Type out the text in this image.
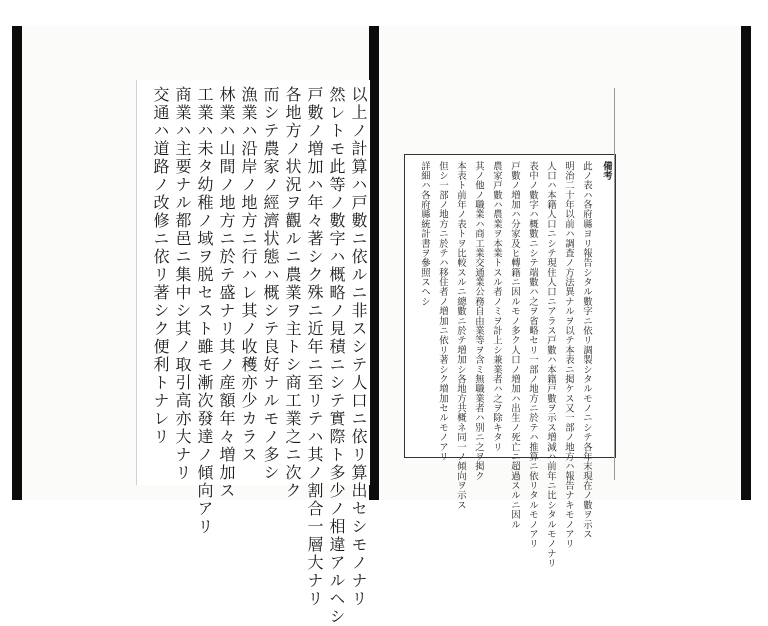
以上ノ計算ハ戸數ニ依ルニ非スシテ人口ニ依リ算出セシモノナリ
然レトモ此等ノ數字ハ概略ノ見積ニシテ實際ト多少ノ相違アルヘシ
戸數ノ増加ハ年々著シク殊ニ近年ニ至リテハ其ノ割合一層大ナリ
各地方ノ状況ヲ觀ルニ農業ヲ主トシ商工業之ニ次ク
而シテ農家ノ經濟状態ハ概シテ良好ナルモノ多シ
漁業ハ沿岸ノ地方ニ行ハレ其ノ收穫亦少カラス
林業ハ山間ノ地方ニ於テ盛ナリ其ノ産額年々増加ス
工業ハ未タ幼稚ノ域ヲ脱セスト雖モ漸次發達ノ傾向アリ
商業ハ主要ナル都邑ニ集中シ其ノ取引高亦大ナリ
交通ハ道路ノ改修ニ依リ著シク便利トナレリ	備考
此ノ表ハ各府縣ヨリ報告シタル數字ニ依リ調製シタルモノニシテ各年末現在ノ數ヲ示ス
明治二十年以前ハ調査ノ方法異ナルヲ以テ本表ニ掲ケス又一部ノ地方ハ報告ナキモノアリ
人口ハ本籍人口ニシテ現住人口ニアラス戸數ハ本籍戸數ヲ示ス増減ハ前年ニ比シタルモノナリ
表中ノ數字ハ概數ニシテ端數ハ之ヲ省略セリ一部ノ地方ニ於テハ推算ニ依リタルモノアリ
戸數ノ増加ハ分家及ヒ轉籍ニ因ルモノ多ク人口ノ増加ハ出生ノ死亡ニ超過スルニ因ル
農家戸數ハ農業ヲ本業トスル者ノミヲ計上シ兼業者ハ之ヲ除キタリ
其ノ他ノ職業ハ商工業交通業公務自由業等ヲ含ミ無職業者ハ別ニ之ヲ掲ク
本表ト前年ノ表トヲ比較スルニ總數ニ於テ増加シ各地方共概ネ同一ノ傾向ヲ示ス
但シ一部ノ地方ニ於テハ移住者ノ増加ニ依リ著シク増加セルモノアリ
詳細ハ各府縣統計書ヲ參照スヘシ
